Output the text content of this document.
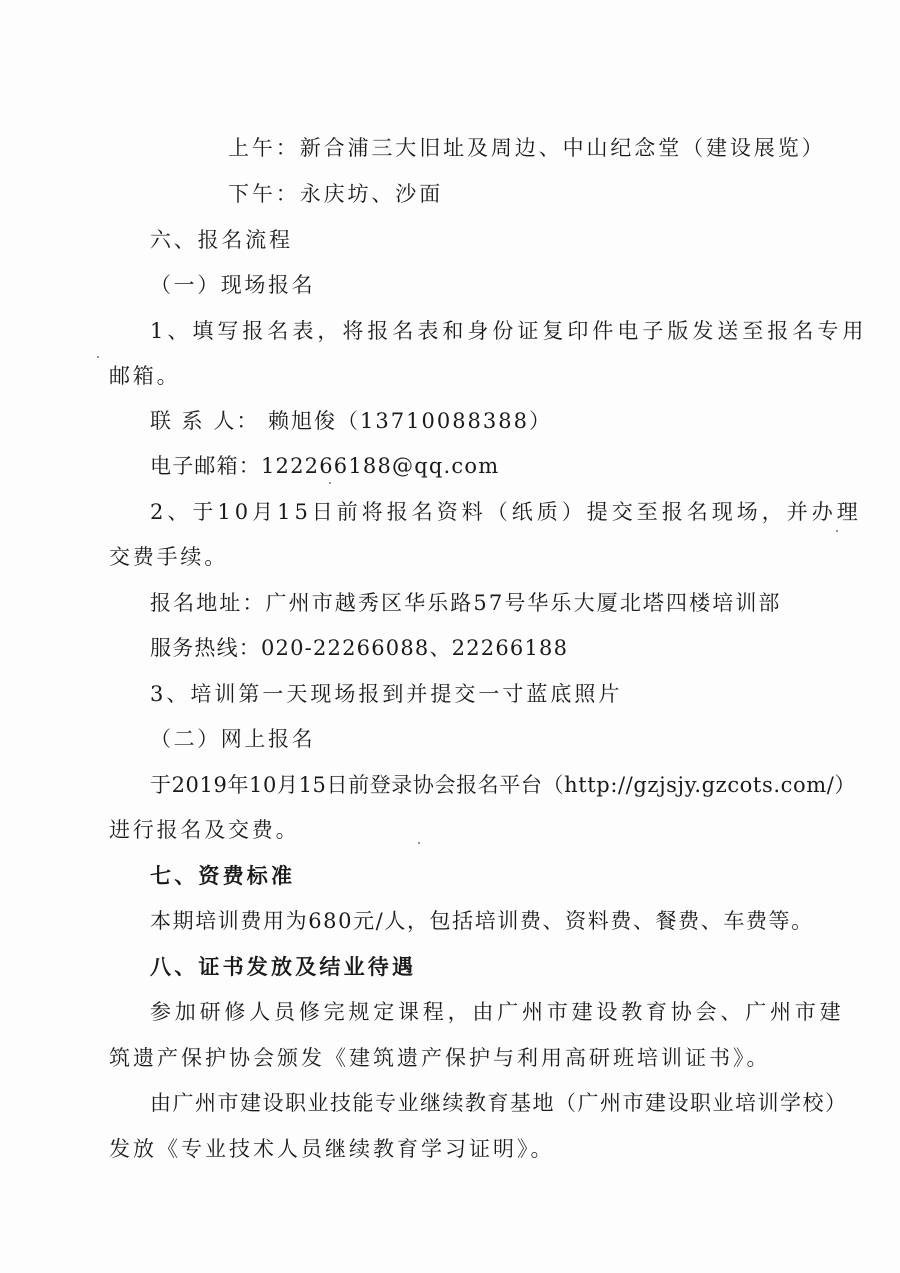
上午：新合浦三大旧址及周边、中山纪念堂（建设展览）
下午：永庆坊、沙面
六、报名流程
（一）现场报名
1、填写报名表，将报名表和身份证复印件电子版发送至报名专用
邮箱。
联 系 人： 赖旭俊（13710088388）
电子邮箱：122266188@qq.com
2、于10月15日前将报名资料（纸质）提交至报名现场，并办理
交费手续。
报名地址：广州市越秀区华乐路57号华乐大厦北塔四楼培训部
服务热线：020-22266088、22266188
3、培训第一天现场报到并提交一寸蓝底照片
（二）网上报名
于2019年10月15日前登录协会报名平台（http://gzjsjy.gzcots.com/）
进行报名及交费。
七、资费标准
本期培训费用为680元/人，包括培训费、资料费、餐费、车费等。
八、证书发放及结业待遇
参加研修人员修完规定课程，由广州市建设教育协会、广州市建
筑遗产保护协会颁发《建筑遗产保护与利用高研班培训证书》。
由广州市建设职业技能专业继续教育基地（广州市建设职业培训学校）
发放《专业技术人员继续教育学习证明》。
